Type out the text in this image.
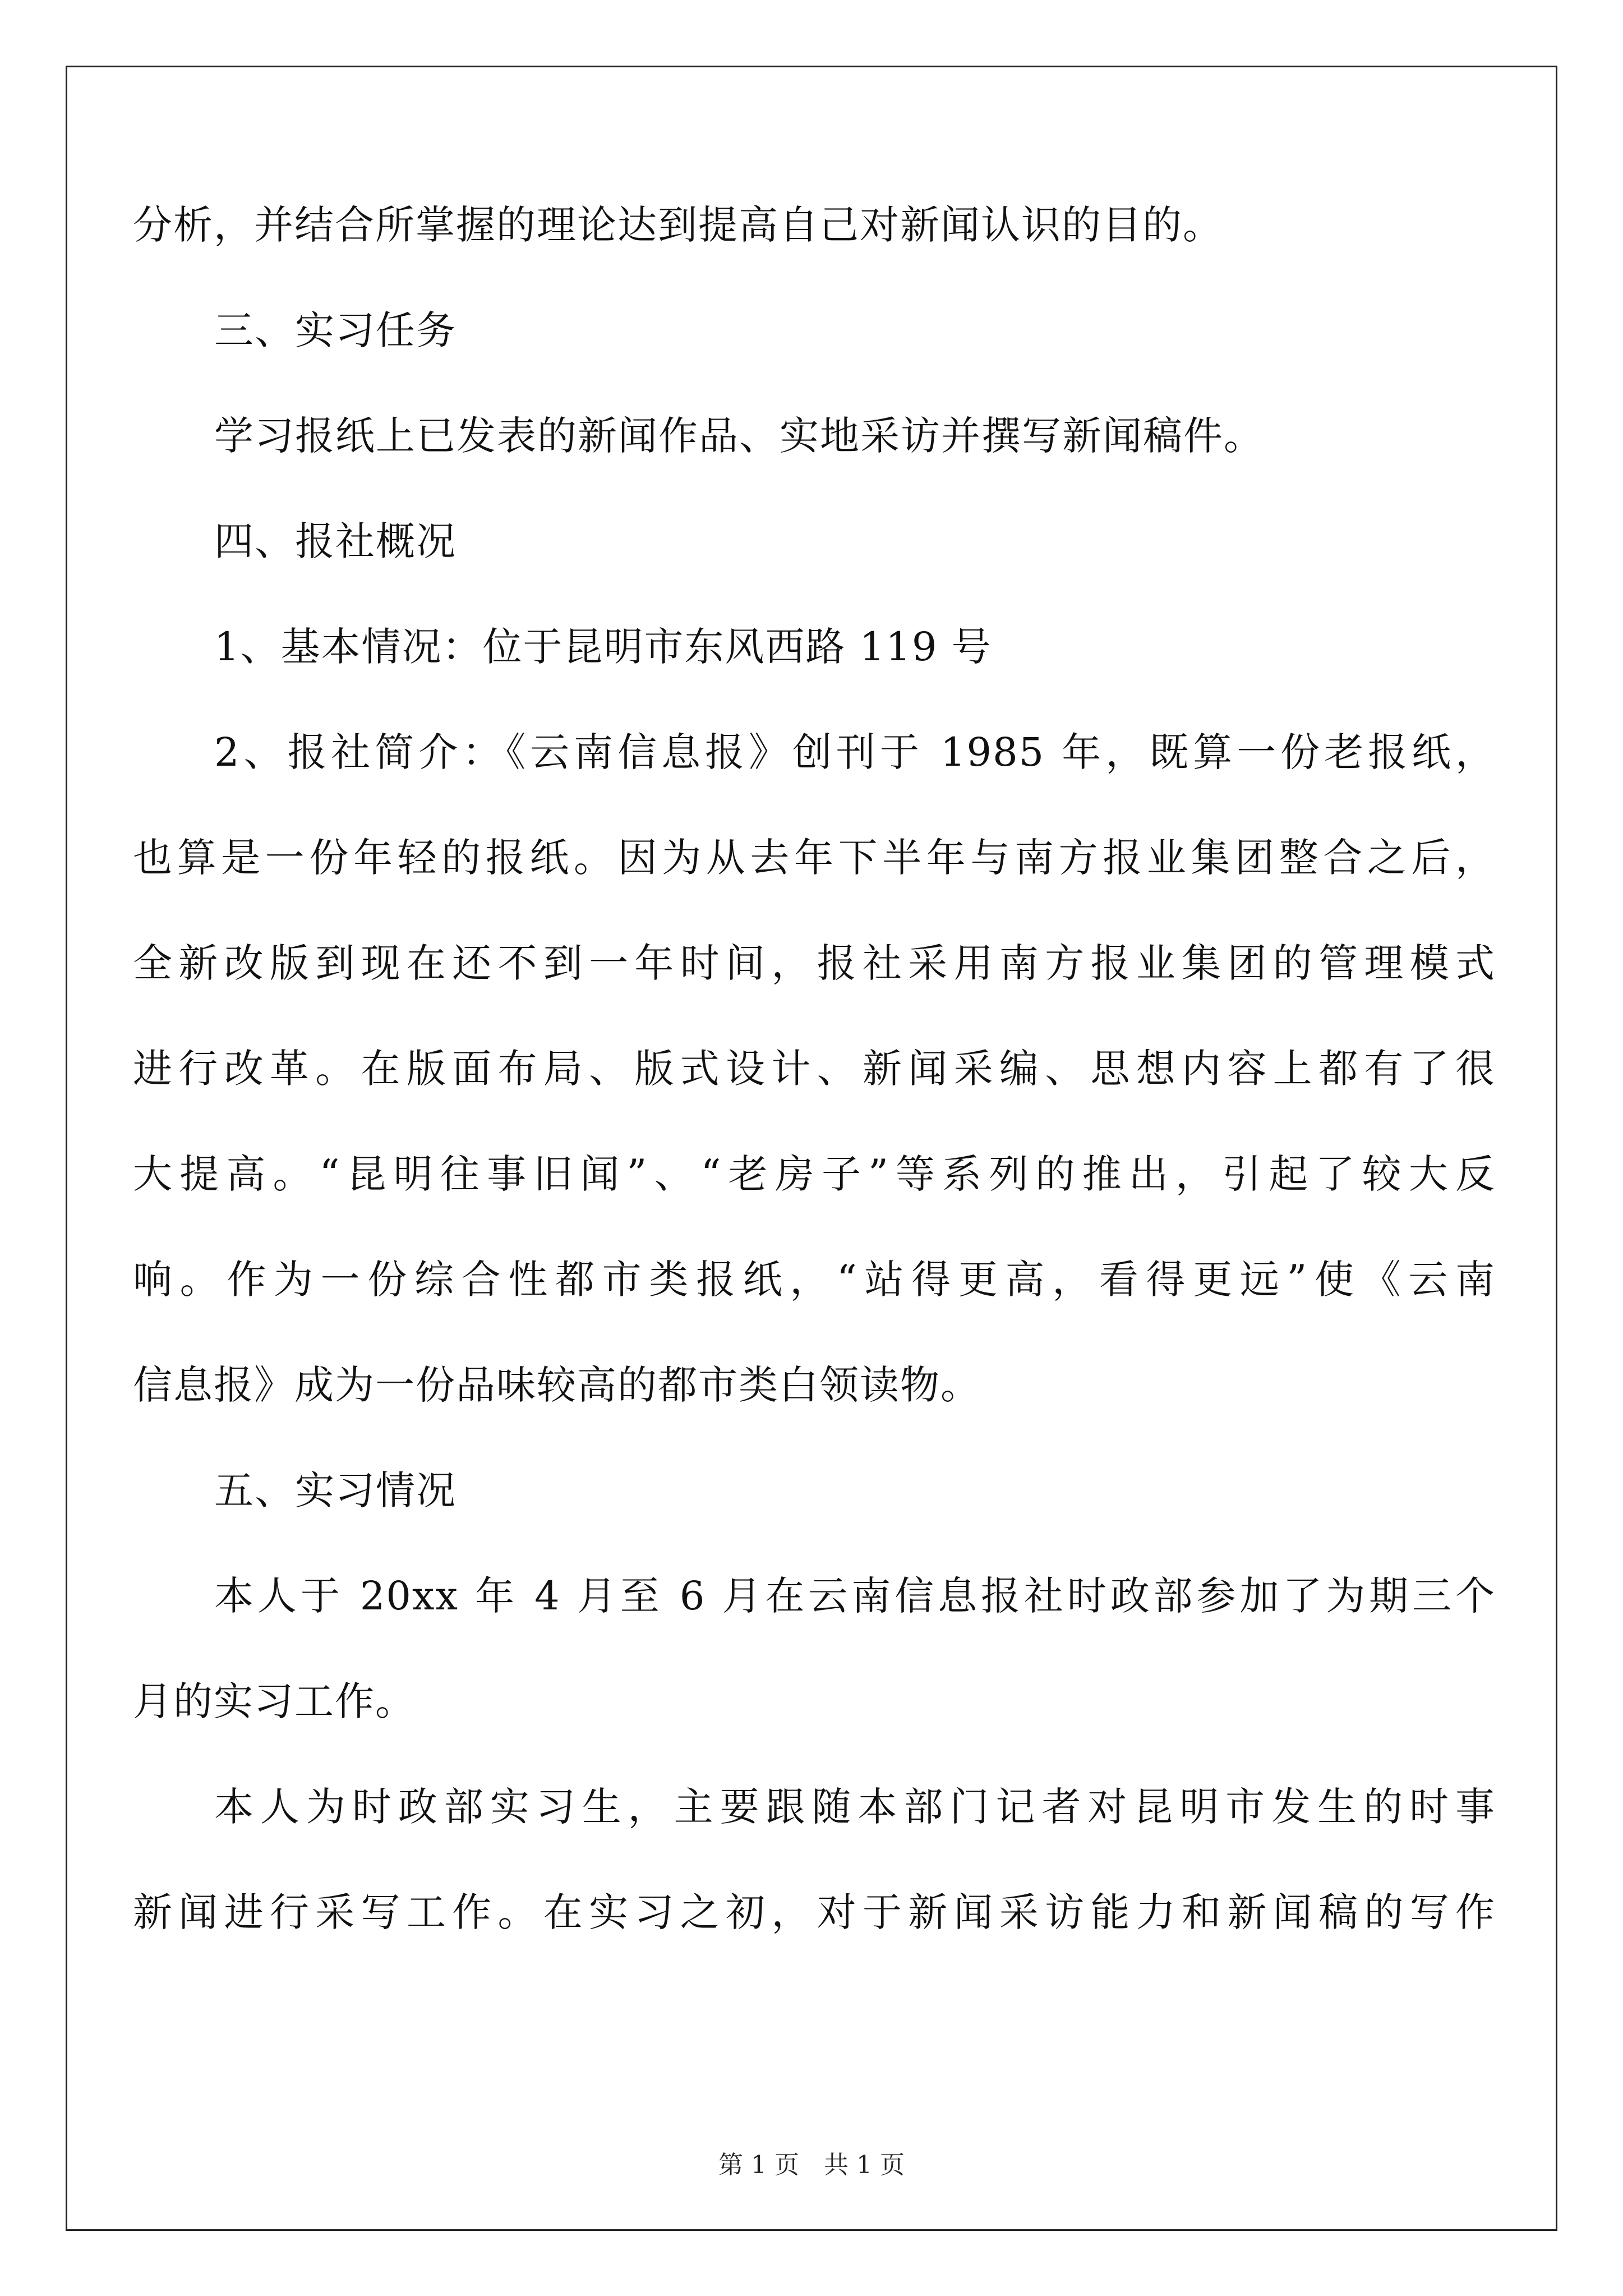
分析，并结合所掌握的理论达到提高自己对新闻认识的目的。

三、实习任务

学习报纸上已发表的新闻作品、实地采访并撰写新闻稿件。

四、报社概况

1、基本情况：位于昆明市东风西路 119 号

2、报社简介：《云南信息报》创刊于 1985 年，既算一份老报纸，

也算是一份年轻的报纸。因为从去年下半年与南方报业集团整合之后，

全新改版到现在还不到一年时间，报社采用南方报业集团的管理模式

进行改革。在版面布局、版式设计、新闻采编、思想内容上都有了很

大提高。“昆明往事旧闻”、“老房子”等系列的推出，引起了较大反

响。作为一份综合性都市类报纸，“站得更高，看得更远”使《云南

信息报》成为一份品味较高的都市类白领读物。

五、实习情况

本人于 20xx 年 4 月至 6 月在云南信息报社时政部参加了为期三个

月的实习工作。

本人为时政部实习生，主要跟随本部门记者对昆明市发生的时事

新闻进行采写工作。在实习之初，对于新闻采访能力和新闻稿的写作

第 1 页 共 1 页
